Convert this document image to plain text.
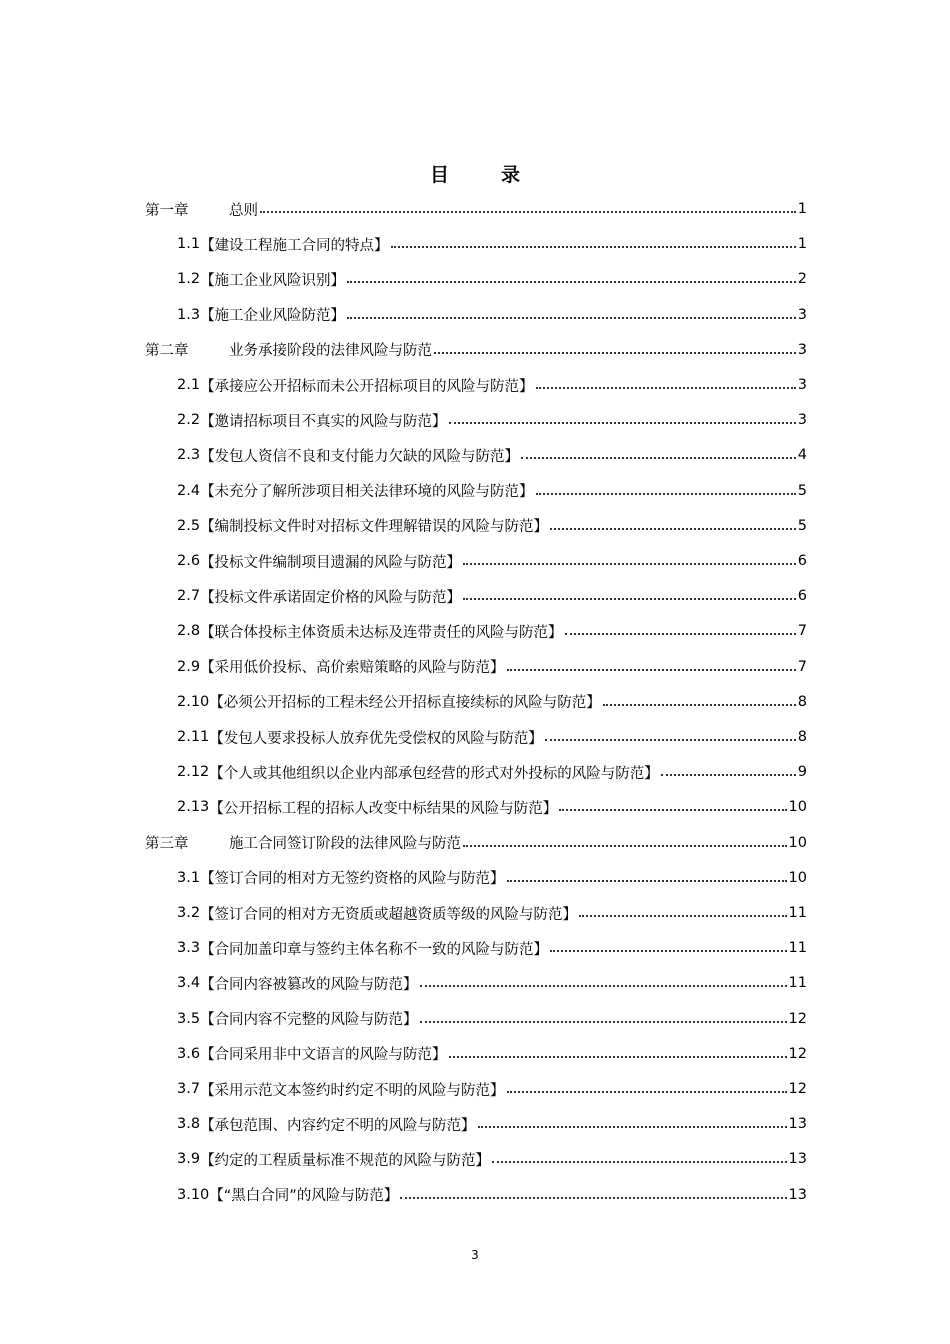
目	录
第一章	总则	1
1.1 【建设工程施工合同的特点】	1
1.2 【施工企业风险识别】	2
1.3 【施工企业风险防范】	3
第二章	业务承接阶段的法律风险与防范	3
2.1 【承接应公开招标而未公开招标项目的风险与防范】	3
2.2 【邀请招标项目不真实的风险与防范】	3
2.3 【发包人资信不良和支付能力欠缺的风险与防范】	4
2.4 【未充分了解所涉项目相关法律环境的风险与防范】	5
2.5 【编制投标文件时对招标文件理解错误的风险与防范】	5
2.6 【投标文件编制项目遗漏的风险与防范】	6
2.7 【投标文件承诺固定价格的风险与防范】	6
2.8 【联合体投标主体资质未达标及连带责任的风险与防范】	7
2.9 【采用低价投标、高价索赔策略的风险与防范】	7
2.10 【必须公开招标的工程未经公开招标直接续标的风险与防范】	8
2.11 【发包人要求投标人放弃优先受偿权的风险与防范】	8
2.12 【个人或其他组织以企业内部承包经营的形式对外投标的风险与防范】	9
2.13 【公开招标工程的招标人改变中标结果的风险与防范】	10
第三章	施工合同签订阶段的法律风险与防范	10
3.1 【签订合同的相对方无签约资格的风险与防范】	10
3.2 【签订合同的相对方无资质或超越资质等级的风险与防范】	11
3.3 【合同加盖印章与签约主体名称不一致的风险与防范】	11
3.4 【合同内容被篡改的风险与防范】	11
3.5 【合同内容不完整的风险与防范】	12
3.6 【合同采用非中文语言的风险与防范】	12
3.7 【采用示范文本签约时约定不明的风险与防范】	12
3.8 【承包范围、内容约定不明的风险与防范】	13
3.9 【约定的工程质量标准不规范的风险与防范】	13
3.10 【“黑白合同”的风险与防范】	13
3
